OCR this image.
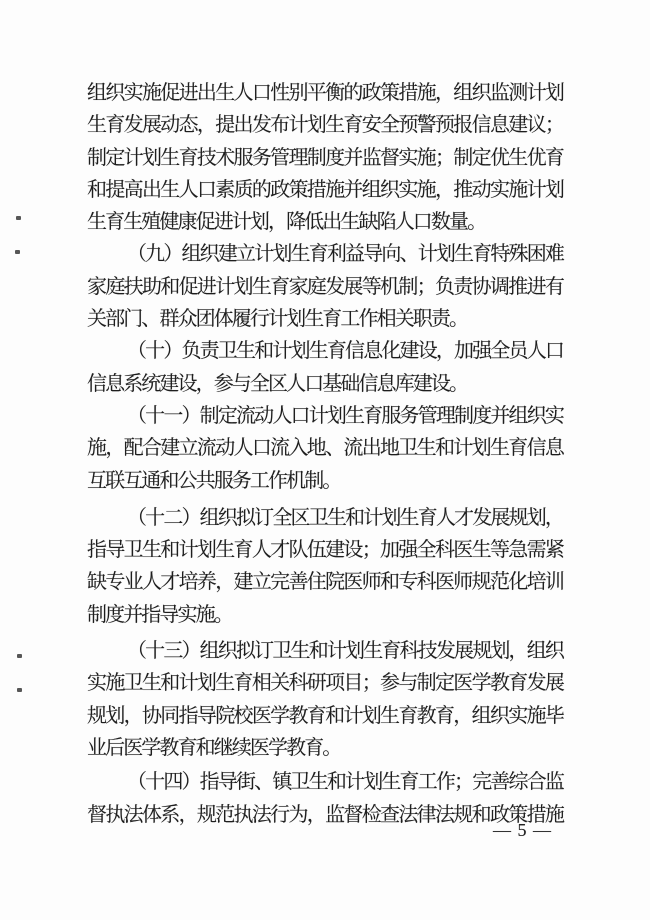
组织实施促进出生人口性别平衡的政策措施，组织监测计划
生育发展动态，提出发布计划生育安全预警预报信息建议；
制定计划生育技术服务管理制度并监督实施；制定优生优育
和提高出生人口素质的政策措施并组织实施，推动实施计划
生育生殖健康促进计划，降低出生缺陷人口数量。
（九）组织建立计划生育利益导向、计划生育特殊困难
家庭扶助和促进计划生育家庭发展等机制；负责协调推进有
关部门、群众团体履行计划生育工作相关职责。
（十）负责卫生和计划生育信息化建设，加强全员人口
信息系统建设，参与全区人口基础信息库建设。
（十一）制定流动人口计划生育服务管理制度并组织实
施，配合建立流动人口流入地、流出地卫生和计划生育信息
互联互通和公共服务工作机制。
（十二）组织拟订全区卫生和计划生育人才发展规划，
指导卫生和计划生育人才队伍建设；加强全科医生等急需紧
缺专业人才培养，建立完善住院医师和专科医师规范化培训
制度并指导实施。
（十三）组织拟订卫生和计划生育科技发展规划，组织
实施卫生和计划生育相关科研项目；参与制定医学教育发展
规划，协同指导院校医学教育和计划生育教育，组织实施毕
业后医学教育和继续医学教育。
（十四）指导街、镇卫生和计划生育工作；完善综合监
督执法体系，规范执法行为，监督检查法律法规和政策措施
— 5 —
